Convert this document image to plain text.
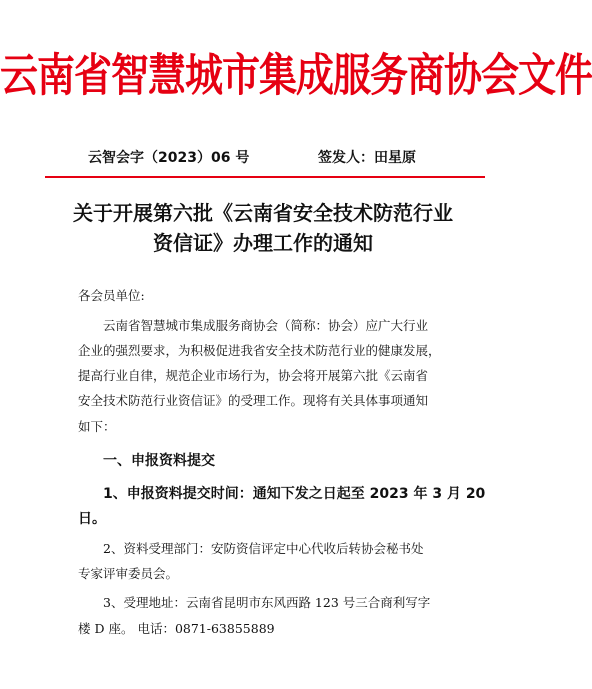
云南省智慧城市集成服务商协会文件
云智会字（2023）06 号	签发人：田星原
关于开展第六批《云南省安全技术防范行业
资信证》办理工作的通知
各会员单位:
云南省智慧城市集成服务商协会（简称：协会）应广大行业
企业的强烈要求，为积极促进我省安全技术防范行业的健康发展，
提高行业自律，规范企业市场行为，协会将开展第六批《云南省
安全技术防范行业资信证》的受理工作。现将有关具体事项通知
如下：
一、申报资料提交
1、申报资料提交时间：通知下发之日起至 2023 年 3 月 20
日。
2、资料受理部门：安防资信评定中心代收后转协会秘书处
专家评审委员会。
3、受理地址：云南省昆明市东风西路 123 号三合商利写字
楼 D 座。 电话：0871-63855889
